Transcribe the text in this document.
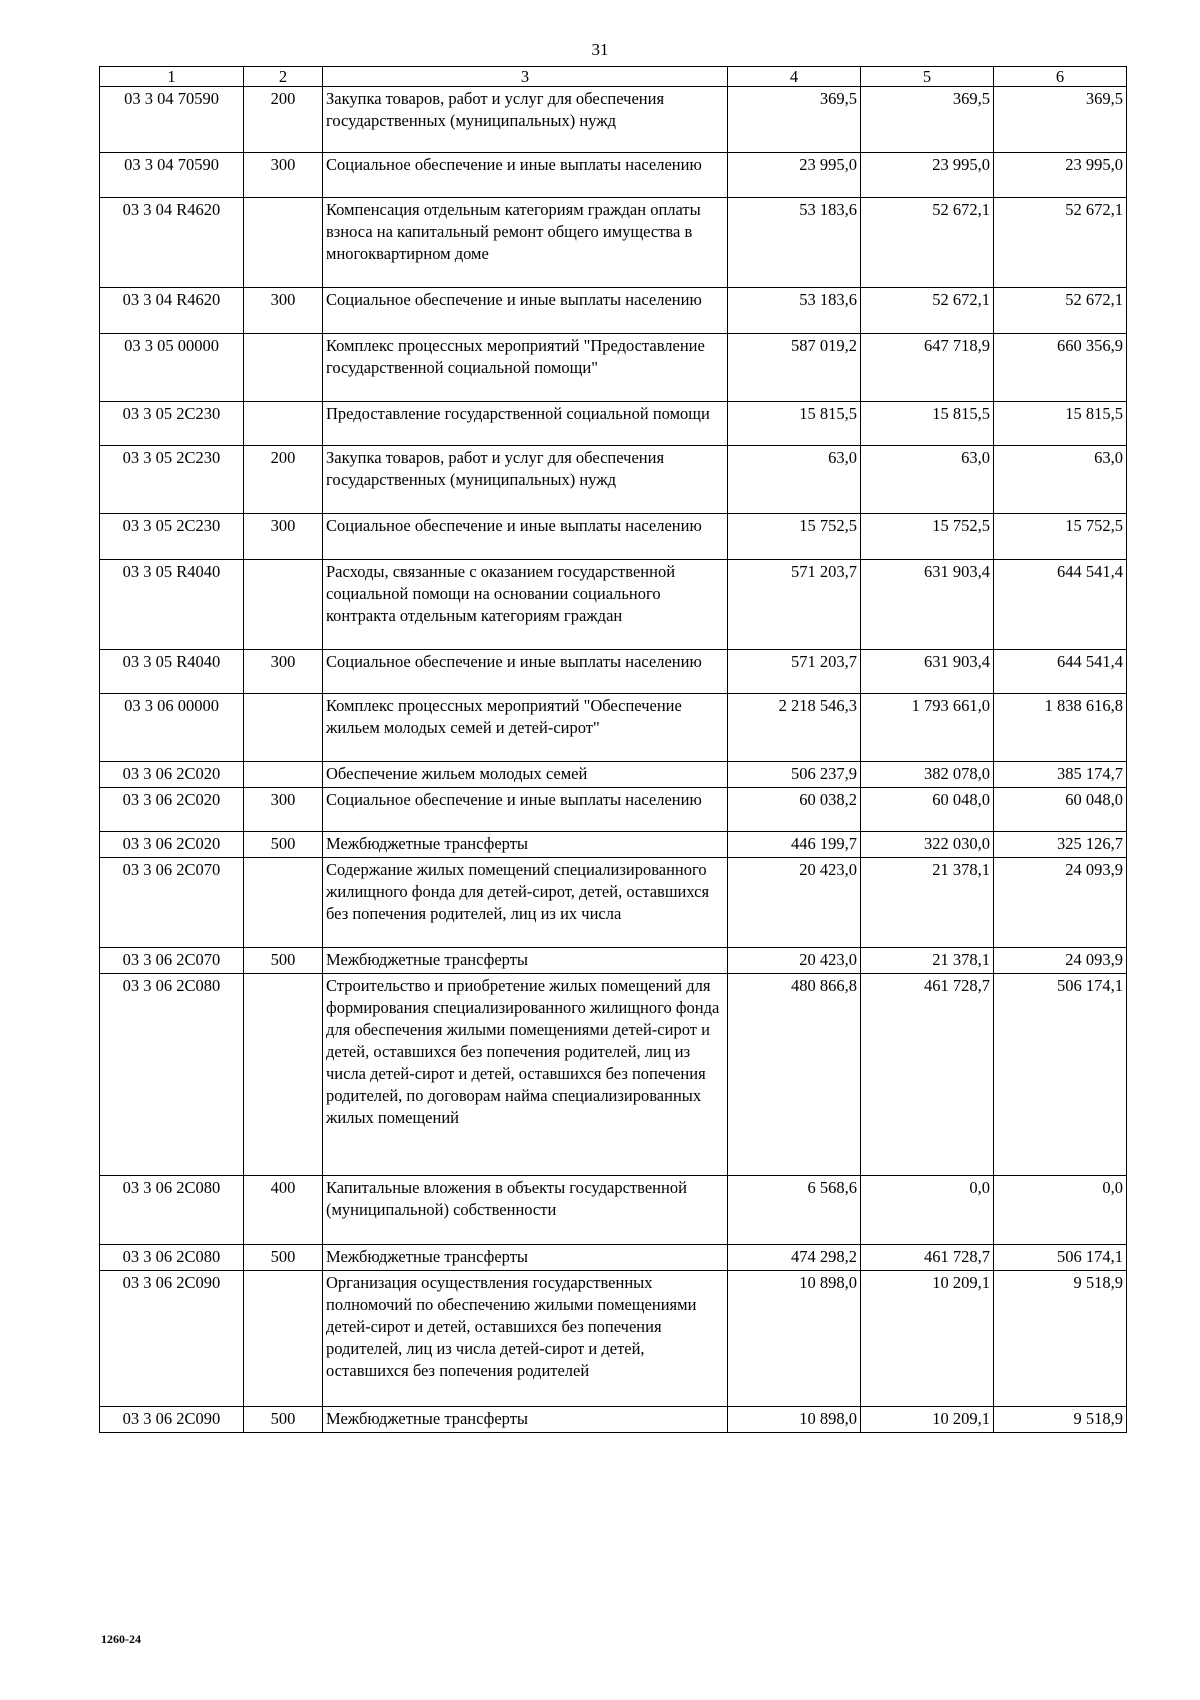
31
1	2	3	4	5	6
03 3 04 70590	200	Закупка товаров, работ и услуг для обеспечения государственных (муниципальных) нужд	369,5	369,5	369,5
03 3 04 70590	300	Социальное обеспечение и иные выплаты населению	23 995,0	23 995,0	23 995,0
03 3 04 R4620		Компенсация отдельным категориям граждан оплаты взноса на капитальный ремонт общего имущества в многоквартирном доме	53 183,6	52 672,1	52 672,1
03 3 04 R4620	300	Социальное обеспечение и иные выплаты населению	53 183,6	52 672,1	52 672,1
03 3 05 00000		Комплекс процессных мероприятий "Предоставление государственной социальной помощи"	587 019,2	647 718,9	660 356,9
03 3 05 2C230		Предоставление государственной социальной помощи	15 815,5	15 815,5	15 815,5
03 3 05 2C230	200	Закупка товаров, работ и услуг для обеспечения государственных (муниципальных) нужд	63,0	63,0	63,0
03 3 05 2C230	300	Социальное обеспечение и иные выплаты населению	15 752,5	15 752,5	15 752,5
03 3 05 R4040		Расходы, связанные с оказанием государственной социальной помощи на основании социального контракта отдельным категориям граждан	571 203,7	631 903,4	644 541,4
03 3 05 R4040	300	Социальное обеспечение и иные выплаты населению	571 203,7	631 903,4	644 541,4
03 3 06 00000		Комплекс процессных мероприятий "Обеспечение жильем молодых семей и детей-сирот"	2 218 546,3	1 793 661,0	1 838 616,8
03 3 06 2C020		Обеспечение жильем молодых семей	506 237,9	382 078,0	385 174,7
03 3 06 2C020	300	Социальное обеспечение и иные выплаты населению	60 038,2	60 048,0	60 048,0
03 3 06 2C020	500	Межбюджетные трансферты	446 199,7	322 030,0	325 126,7
03 3 06 2C070		Содержание жилых помещений специализированного жилищного фонда для детей-сирот, детей, оставшихся без попечения родителей, лиц из их числа	20 423,0	21 378,1	24 093,9
03 3 06 2C070	500	Межбюджетные трансферты	20 423,0	21 378,1	24 093,9
03 3 06 2C080		Строительство и приобретение жилых помещений для формирования специализированного жилищного фонда для обеспечения жилыми помещениями детей-сирот и детей, оставшихся без попечения родителей, лиц из числа детей-сирот и детей, оставшихся без попечения родителей, по договорам найма специализированных жилых помещений	480 866,8	461 728,7	506 174,1
03 3 06 2C080	400	Капитальные вложения в объекты государственной (муниципальной) собственности	6 568,6	0,0	0,0
03 3 06 2C080	500	Межбюджетные трансферты	474 298,2	461 728,7	506 174,1
03 3 06 2C090		Организация осуществления государственных полномочий по обеспечению жилыми помещениями детей-сирот и детей, оставшихся без попечения родителей, лиц из числа детей-сирот и детей, оставшихся без попечения родителей	10 898,0	10 209,1	9 518,9
03 3 06 2C090	500	Межбюджетные трансферты	10 898,0	10 209,1	9 518,9
1260-24
